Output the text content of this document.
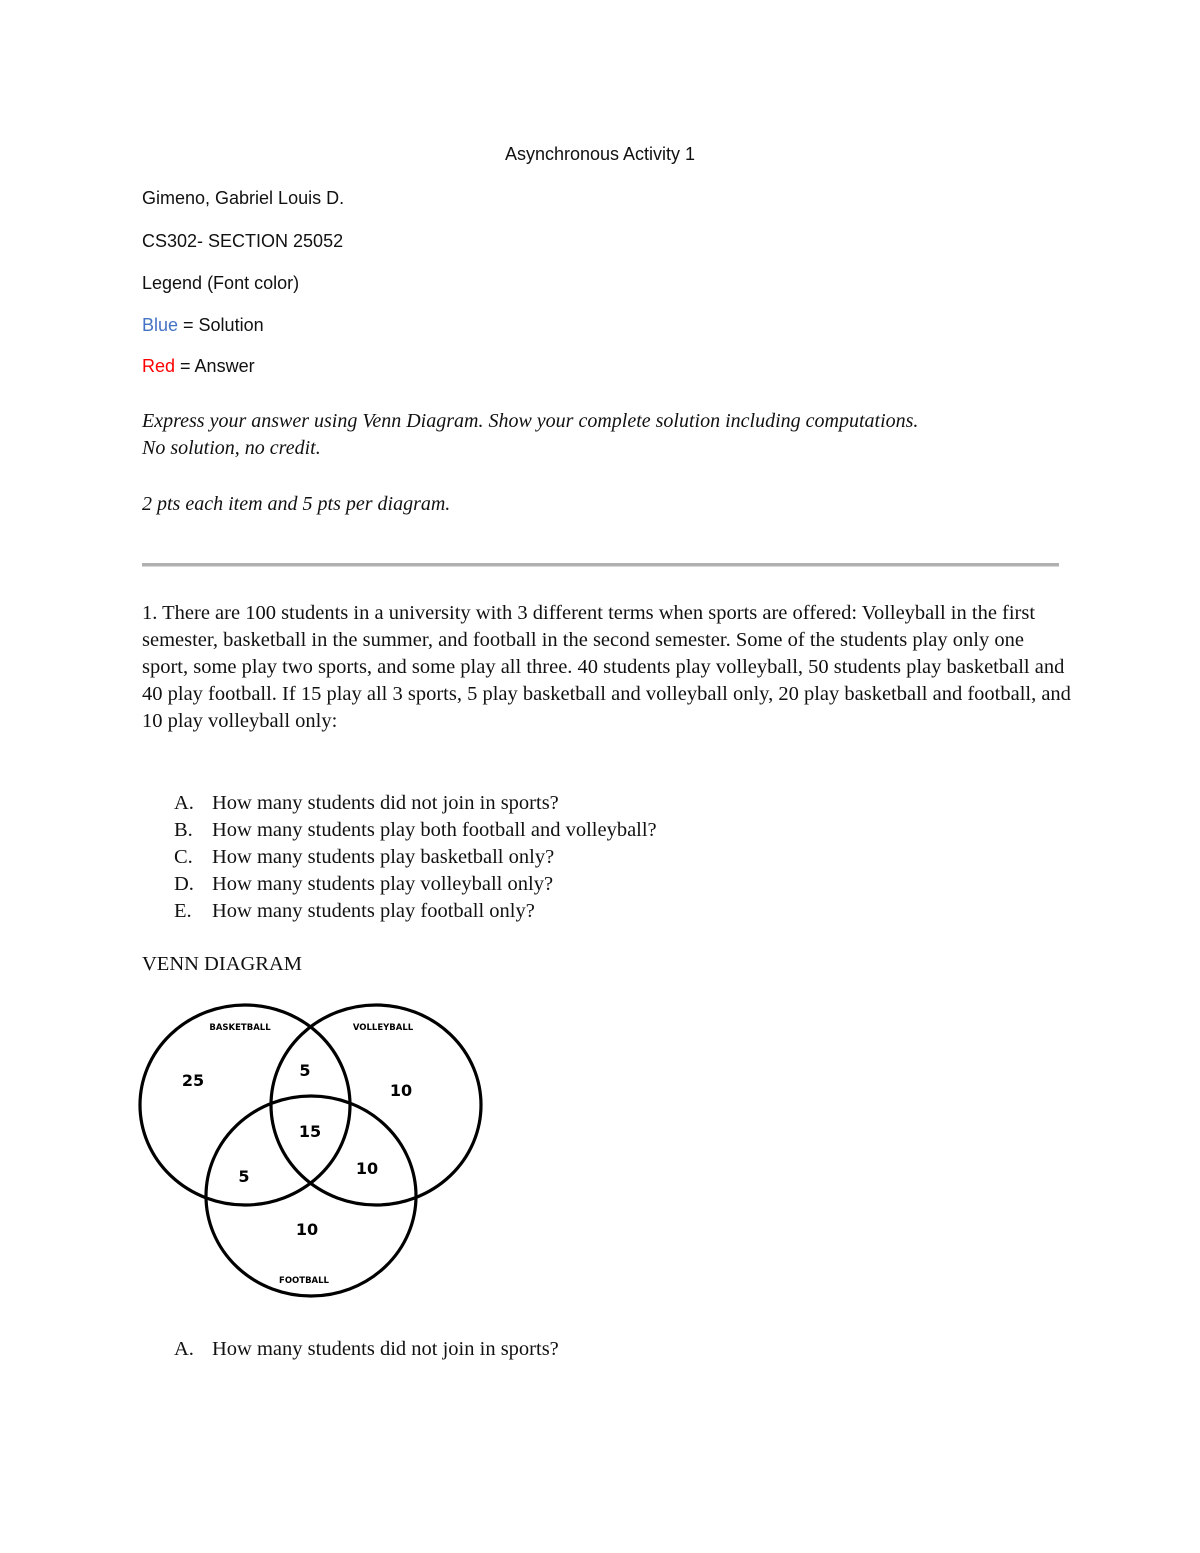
Asynchronous Activity 1

Gimeno, Gabriel Louis D.

CS302- SECTION 25052

Legend (Font color)

Blue = Solution

Red = Answer

Express your answer using Venn Diagram. Show your complete solution including computations.

No solution, no credit.

2 pts each item and 5 pts per diagram.

1. There are 100 students in a university with 3 different terms when sports are offered: Volleyball in the first semester, basketball in the summer, and football in the second semester. Some of the students play only one sport, some play two sports, and some play all three. 40 students play volleyball, 50 students play basketball and 40 play football. If 15 play all 3 sports, 5 play basketball and volleyball only, 20 play basketball and football, and 10 play volleyball only:

A. How many students did not join in sports?
B. How many students play both football and volleyball?
C. How many students play basketball only?
D. How many students play volleyball only?
E. How many students play football only?

VENN DIAGRAM

BASKETBALL	VOLLEYBALL
FOOTBALL
25
5
10
15
5	10
10
A. How many students did not join in sports?
